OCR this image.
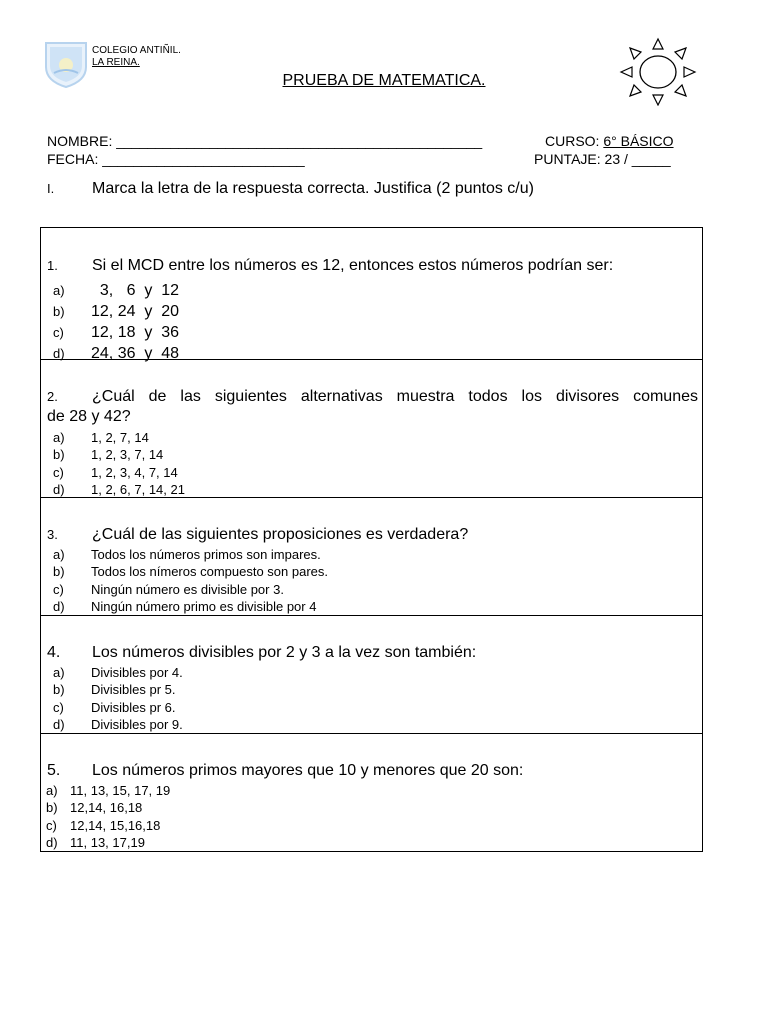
COLEGIO ANTIÑIL.
LA REINA.
PRUEBA DE MATEMATICA.
NOMBRE: _______________________________________________	CURSO: 6° BÁSICO
FECHA: __________________________	PUNTAJE: 23 / _____
I. Marca la letra de la respuesta correcta. Justifica (2 puntos c/u)
1. Si el MCD entre los números es 12, entonces estos números podrían ser:
a)  3,   6  y  12
b) 12, 24  y  20
c) 12, 18  y  36
d) 24, 36  y  48
2.	¿Cuál de las siguientes alternativas muestra todos los divisores comunes
de 28 y 42?
a) 1, 2, 7, 14
b) 1, 2, 3, 7, 14
c) 1, 2, 3, 4, 7, 14
d) 1, 2, 6, 7, 14, 21
3. ¿Cuál de las siguientes proposiciones es verdadera?
a) Todos los números primos son impares.
b) Todos los nímeros compuesto son pares.
c) Ningún número es divisible por 3.
d) Ningún número primo es divisible por 4
4. Los números divisibles por 2 y 3 a la vez son también:
a) Divisibles por 4.
b) Divisibles pr 5.
c) Divisibles pr 6.
d) Divisibles por 9.
5. Los números primos mayores que 10 y menores que 20 son:
a) 11, 13, 15, 17, 19
b) 12,14, 16,18
c) 12,14, 15,16,18
d) 11, 13, 17,19
